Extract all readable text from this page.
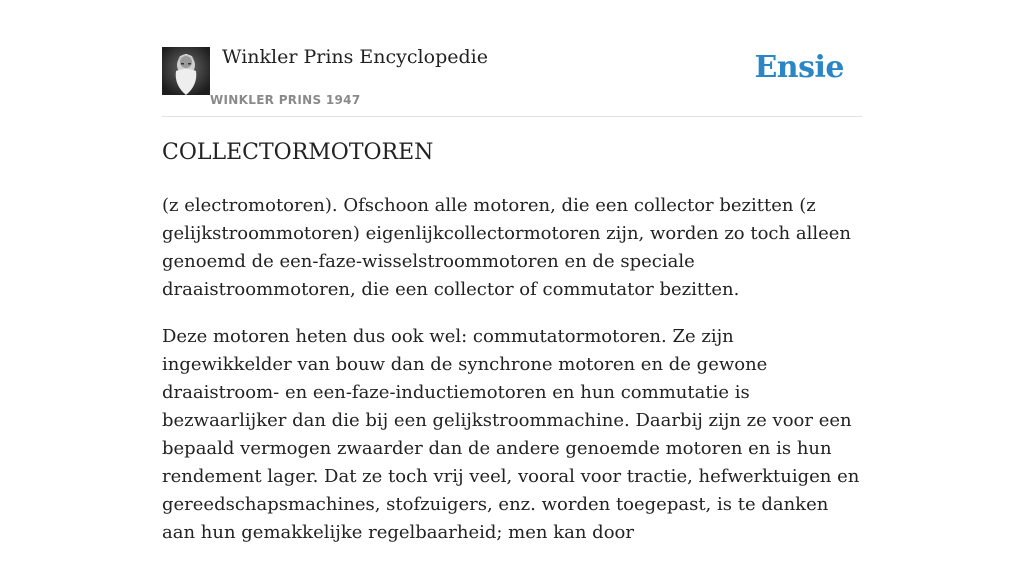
Winkler Prins Encyclopedie
WINKLER PRINS 1947
Ensie
COLLECTORMOTOREN

(z electromotoren). Ofschoon alle motoren, die een collector bezitten (z gelijkstroommotoren) eigenlijkcollectormotoren zijn, worden zo toch alleen genoemd de een-faze-wisselstroommotoren en de speciale draaistroommotoren, die een collector of commutator bezitten.

Deze motoren heten dus ook wel: commutatormotoren. Ze zijn ingewikkelder van bouw dan de synchrone motoren en de gewone draaistroom- en een-faze-inductiemotoren en hun commutatie is bezwaarlijker dan die bij een gelijkstroommachine. Daarbij zijn ze voor een bepaald vermogen zwaarder dan de andere genoemde motoren en is hun rendement lager. Dat ze toch vrij veel, vooral voor tractie, hefwerktuigen en gereedschapsmachines, stofzuigers, enz. worden toegepast, is te danken aan hun gemakkelijke regelbaarheid; men kan door
